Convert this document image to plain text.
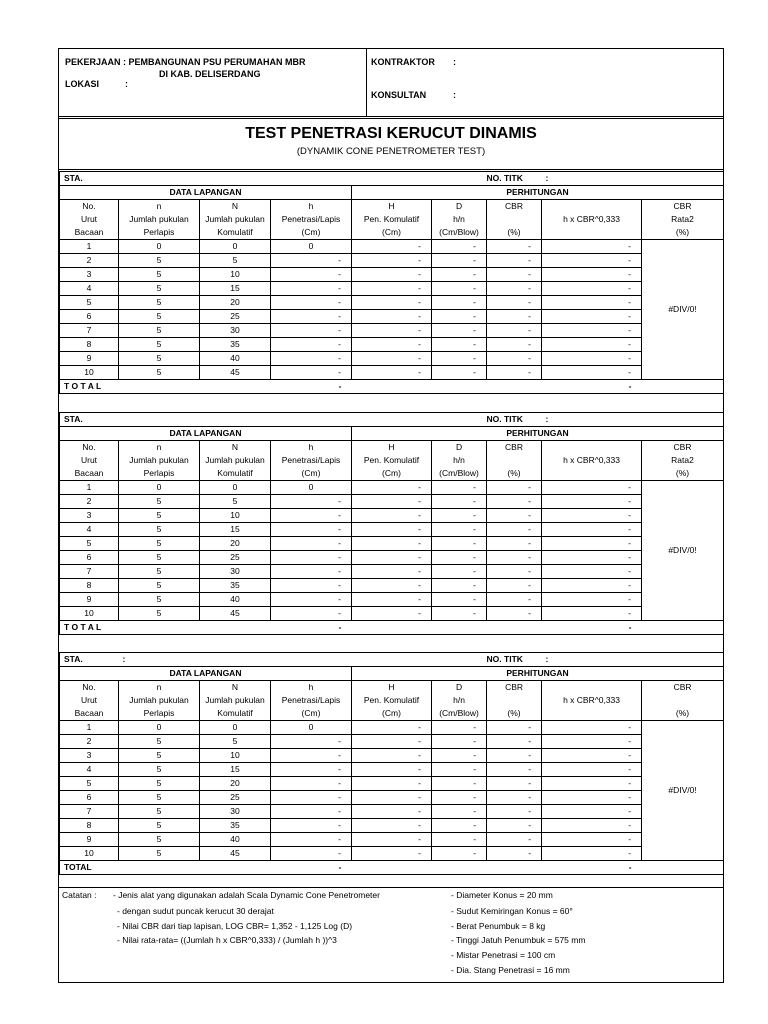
PEKERJAAN : PEMBANGUNAN PSU PERUMAHAN MBR
DI KAB. DELISERDANG
LOKASI	:
KONTRAKTOR :
KONSULTAN	:
TEST PENETRASI KERUCUT DINAMIS
(DYNAMIK CONE PENETROMETER TEST)
STA.						NO. TITK	:	
DATA LAPANGAN				PERHITUNGAN				
No.	n	N	h	H	D	CBR		CBR
Urut	Jumlah pukulan	Jumlah pukulan	Penetrasi/Lapis	Pen. Komulatif	h/n		h x CBR^0,333	Rata2
Bacaan	Perlapis	Komulatif	(Cm)	(Cm)	(Cm/Blow)	(%)		(%)
1	0	0	0	-	-	-	-	#DIV/0!
2	5	5	-	-	-	-	-	
3	5	10	-	-	-	-	-	
4	5	15	-	-	-	-	-	
5	5	20	-	-	-	-	-	
6	5	25	-	-	-	-	-	
7	5	30	-	-	-	-	-	
8	5	35	-	-	-	-	-	
9	5	40	-	-	-	-	-	
10	5	45	-	-	-	-	-	
T O T A L			-				-	
STA.						NO. TITK	:	
DATA LAPANGAN				PERHITUNGAN				
No.	n	N	h	H	D	CBR		CBR
Urut	Jumlah pukulan	Jumlah pukulan	Penetrasi/Lapis	Pen. Komulatif	h/n		h x CBR^0,333	Rata2
Bacaan	Perlapis	Komulatif	(Cm)	(Cm)	(Cm/Blow)	(%)		(%)
1	0	0	0	-	-	-	-	#DIV/0!
2	5	5	-	-	-	-	-	
3	5	10	-	-	-	-	-	
4	5	15	-	-	-	-	-	
5	5	20	-	-	-	-	-	
6	5	25	-	-	-	-	-	
7	5	30	-	-	-	-	-	
8	5	35	-	-	-	-	-	
9	5	40	-	-	-	-	-	
10	5	45	-	-	-	-	-	
T O T A L			-				-	
STA.	:					NO. TITK	:	
DATA LAPANGAN				PERHITUNGAN				
No.	n	N	h	H	D	CBR		CBR
Urut	Jumlah pukulan	Jumlah pukulan	Penetrasi/Lapis	Pen. Komulatif	h/n		h x CBR^0,333	
Bacaan	Perlapis	Komulatif	(Cm)	(Cm)	(Cm/Blow)	(%)		(%)
1	0	0	0	-	-	-	-	#DIV/0!
2	5	5	-	-	-	-	-	
3	5	10	-	-	-	-	-	
4	5	15	-	-	-	-	-	
5	5	20	-	-	-	-	-	
6	5	25	-	-	-	-	-	
7	5	30	-	-	-	-	-	
8	5	35	-	-	-	-	-	
9	5	40	-	-	-	-	-	
10	5	45	-	-	-	-	-	
TOTAL			-				-	
Catatan : - Jenis alat yang digunakan adalah Scala Dynamic Cone Penetrometer
- dengan sudut puncak kerucut 30 derajat
- Nilai CBR dari tiap lapisan, LOG CBR= 1,352 - 1,125 Log (D)
- Nilai rata-rata= ((Jumlah h x CBR^0,333) / (Jumlah h ))^3
- Diameter Konus = 20 mm
- Sudut Kemiringan Konus = 60°
- Berat Penumbuk = 8 kg
- Tinggi Jatuh Penumbuk = 575 mm
- Mistar Penetrasi = 100 cm
- Dia. Stang Penetrasi = 16 mm
